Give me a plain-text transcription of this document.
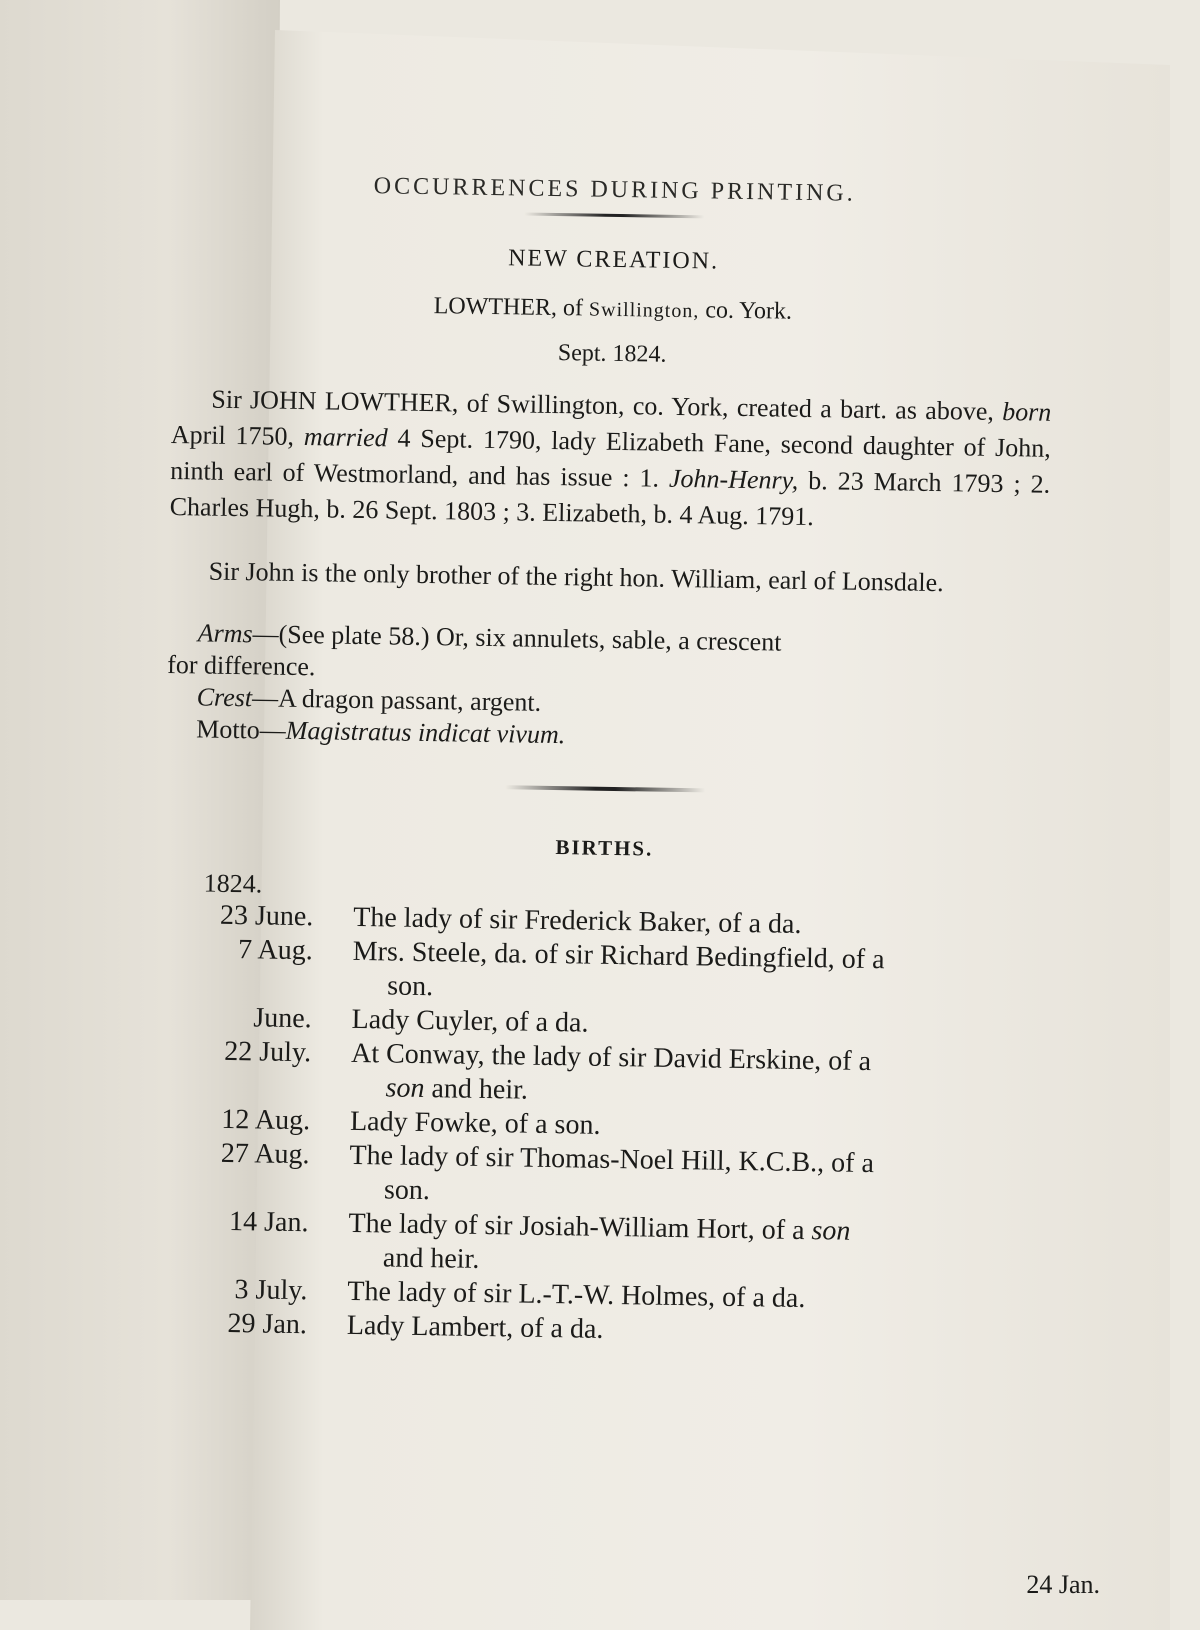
OCCURRENCES DURING PRINTING.
NEW CREATION.
LOWTHER, of Swillington, co. York.
Sept. 1824.

Sir JOHN LOWTHER, of Swillington, co. York, created a bart. as above, born April 1750, married 4 Sept. 1790, lady Elizabeth Fane, second daughter of John, ninth earl of Westmorland, and has issue : 1. John-Henry, b. 23 March 1793 ; 2. Charles Hugh, b. 26 Sept. 1803 ; 3. Elizabeth, b. 4 Aug. 1791.

Sir John is the only brother of the right hon. William, earl of Lonsdale.

Arms—(See plate 58.) Or, six annulets, sable, a crescent
for difference.
Crest—A dragon passant, argent.
Motto—Magistratus indicat vivum.
BIRTHS.
1824.
23 June.	The lady of sir Frederick Baker, of a da.
7 Aug.	Mrs. Steele, da. of sir Richard Bedingfield, of a
son.
June.	Lady Cuyler, of a da.
22 July.	At Conway, the lady of sir David Erskine, of a
son and heir.
12 Aug.	Lady Fowke, of a son.
27 Aug.	The lady of sir Thomas-Noel Hill, K.C.B., of a
son.
14 Jan.	The lady of sir Josiah-William Hort, of a son
and heir.
3 July.	The lady of sir L.-T.-W. Holmes, of a da.
29 Jan.	Lady Lambert, of a da.
24 Jan.
